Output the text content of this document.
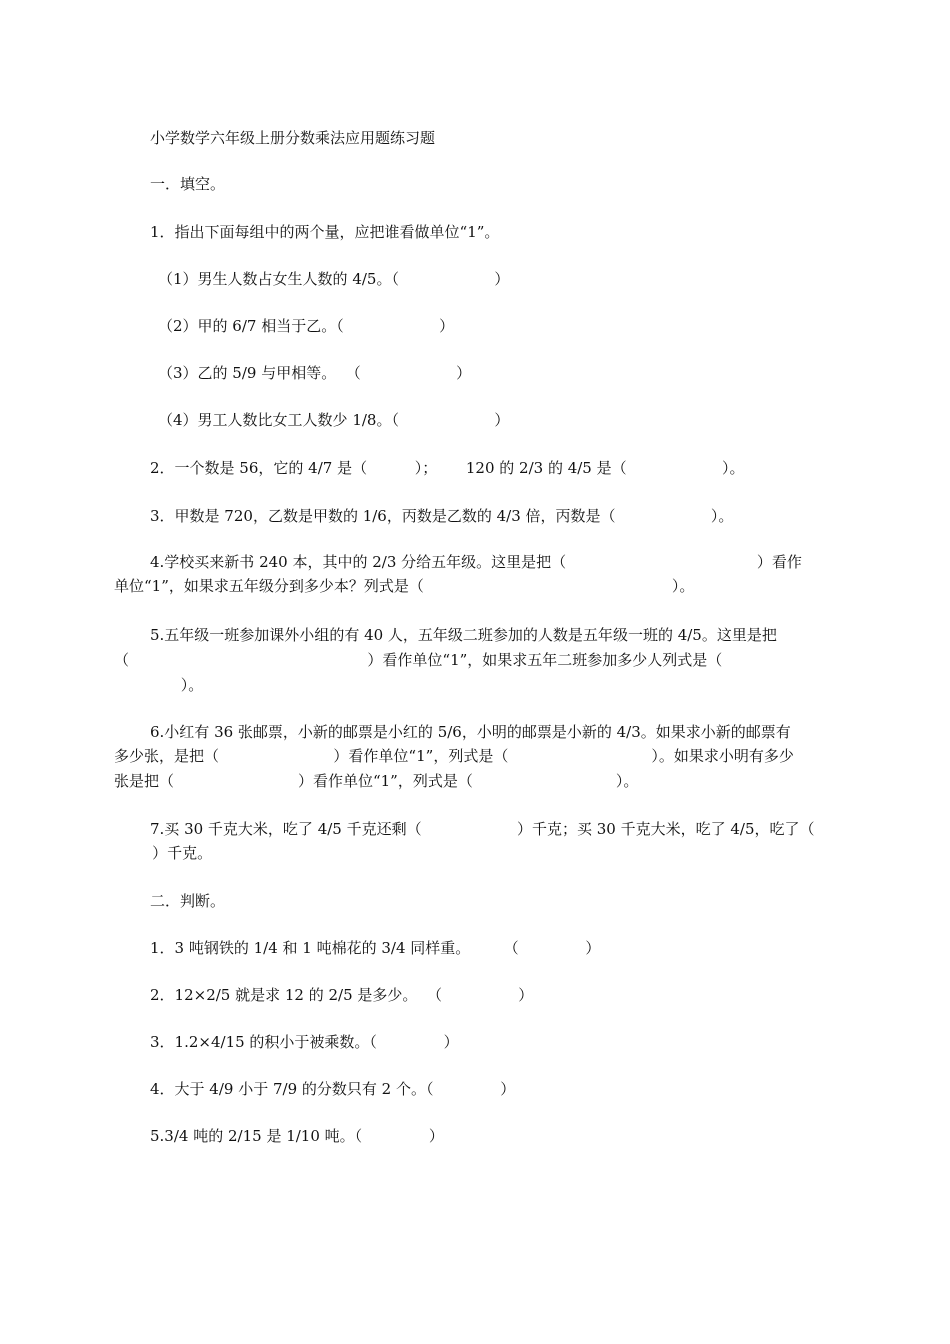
小学数学六年级上册分数乘法应用题练习题
一．填空。
1．指出下面每组中的两个量，应把谁看做单位“1”。
（1）男生人数占女生人数的 4/5。（                    ）
（2）甲的 6/7 相当于乙。（                    ）
（3）乙的 5/9 与甲相等。  （                    ）
（4）男工人数比女工人数少 1/8。（                    ）
2．一个数是 56，它的 4/7 是（          ）；      120 的 2/3 的 4/5 是（                    ）。
3．甲数是 720，乙数是甲数的 1/6，丙数是乙数的 4/3 倍，丙数是（                    ）。
4.学校买来新书 240 本，其中的 2/3 分给五年级。这里是把（                                        ）看作
单位“1”，如果求五年级分到多少本？列式是（                                                    ）。
5.五年级一班参加课外小组的有 40 人，五年级二班参加的人数是五年级一班的 4/5。这里是把
（                                                  ）看作单位“1”，如果求五年二班参加多少人列式是（
）。
6.小红有 36 张邮票，小新的邮票是小红的 5/6，小明的邮票是小新的 4/3。如果求小新的邮票有
多少张，是把（                        ）看作单位“1”，列式是（                              ）。如果求小明有多少
张是把（                          ）看作单位“1”，列式是（                              ）。
7.买 30 千克大米，吃了 4/5 千克还剩（                    ）千克；买 30 千克大米，吃了 4/5，吃了（
）千克。
二．判断。
1．3 吨钢铁的 1/4 和 1 吨棉花的 3/4 同样重。       （              ）
2．12×2/5 就是求 12 的 2/5 是多少。  （                ）
3．1.2×4/15 的积小于被乘数。（              ）
4．大于 4/9 小于 7/9 的分数只有 2 个。（              ）
5.3/4 吨的 2/15 是 1/10 吨。（              ）
